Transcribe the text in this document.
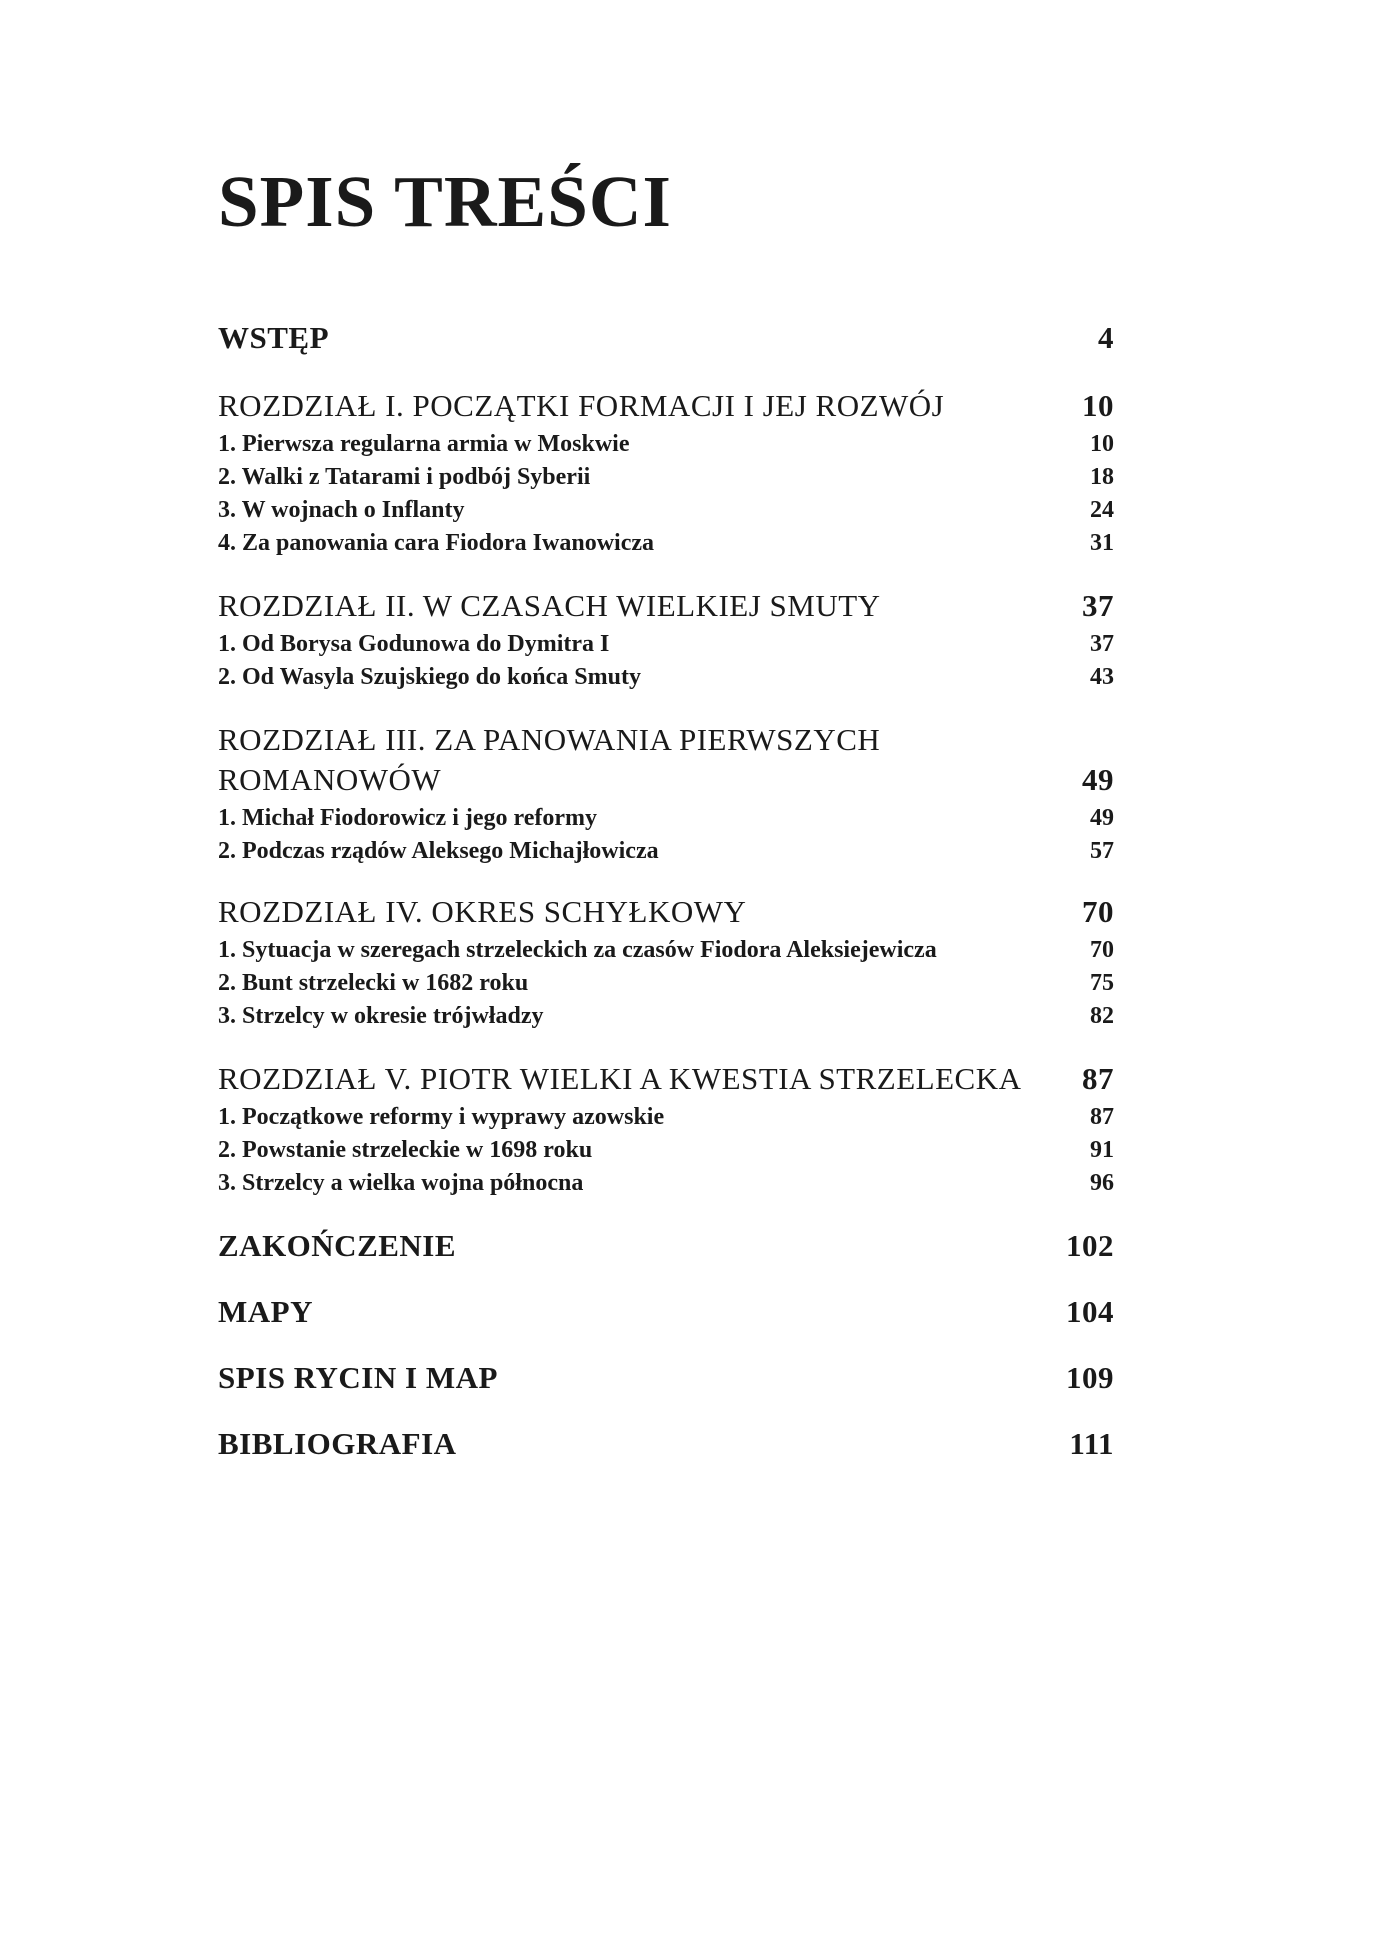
SPIS TREŚCI
WSTĘP	4
ROZDZIAŁ I. POCZĄTKI FORMACJI I JEJ ROZWÓJ	10
1. Pierwsza regularna armia w Moskwie	10
2. Walki z Tatarami i podbój Syberii	18
3. W wojnach o Inflanty	24
4. Za panowania cara Fiodora Iwanowicza	31
ROZDZIAŁ II. W CZASACH WIELKIEJ SMUTY	37
1. Od Borysa Godunowa do Dymitra I	37
2. Od Wasyla Szujskiego do końca Smuty	43
ROZDZIAŁ III. ZA PANOWANIA PIERWSZYCH
ROMANOWÓW	49
1. Michał Fiodorowicz i jego reformy	49
2. Podczas rządów Aleksego Michajłowicza	57
ROZDZIAŁ IV. OKRES SCHYŁKOWY	70
1. Sytuacja w szeregach strzeleckich za czasów Fiodora Aleksiejewicza	70
2. Bunt strzelecki w 1682 roku	75
3. Strzelcy w okresie trójwładzy	82
ROZDZIAŁ V. PIOTR WIELKI A KWESTIA STRZELECKA	87
1. Początkowe reformy i wyprawy azowskie	87
2. Powstanie strzeleckie w 1698 roku	91
3. Strzelcy a wielka wojna północna	96
ZAKOŃCZENIE	102
MAPY	104
SPIS RYCIN I MAP	109
BIBLIOGRAFIA	111
